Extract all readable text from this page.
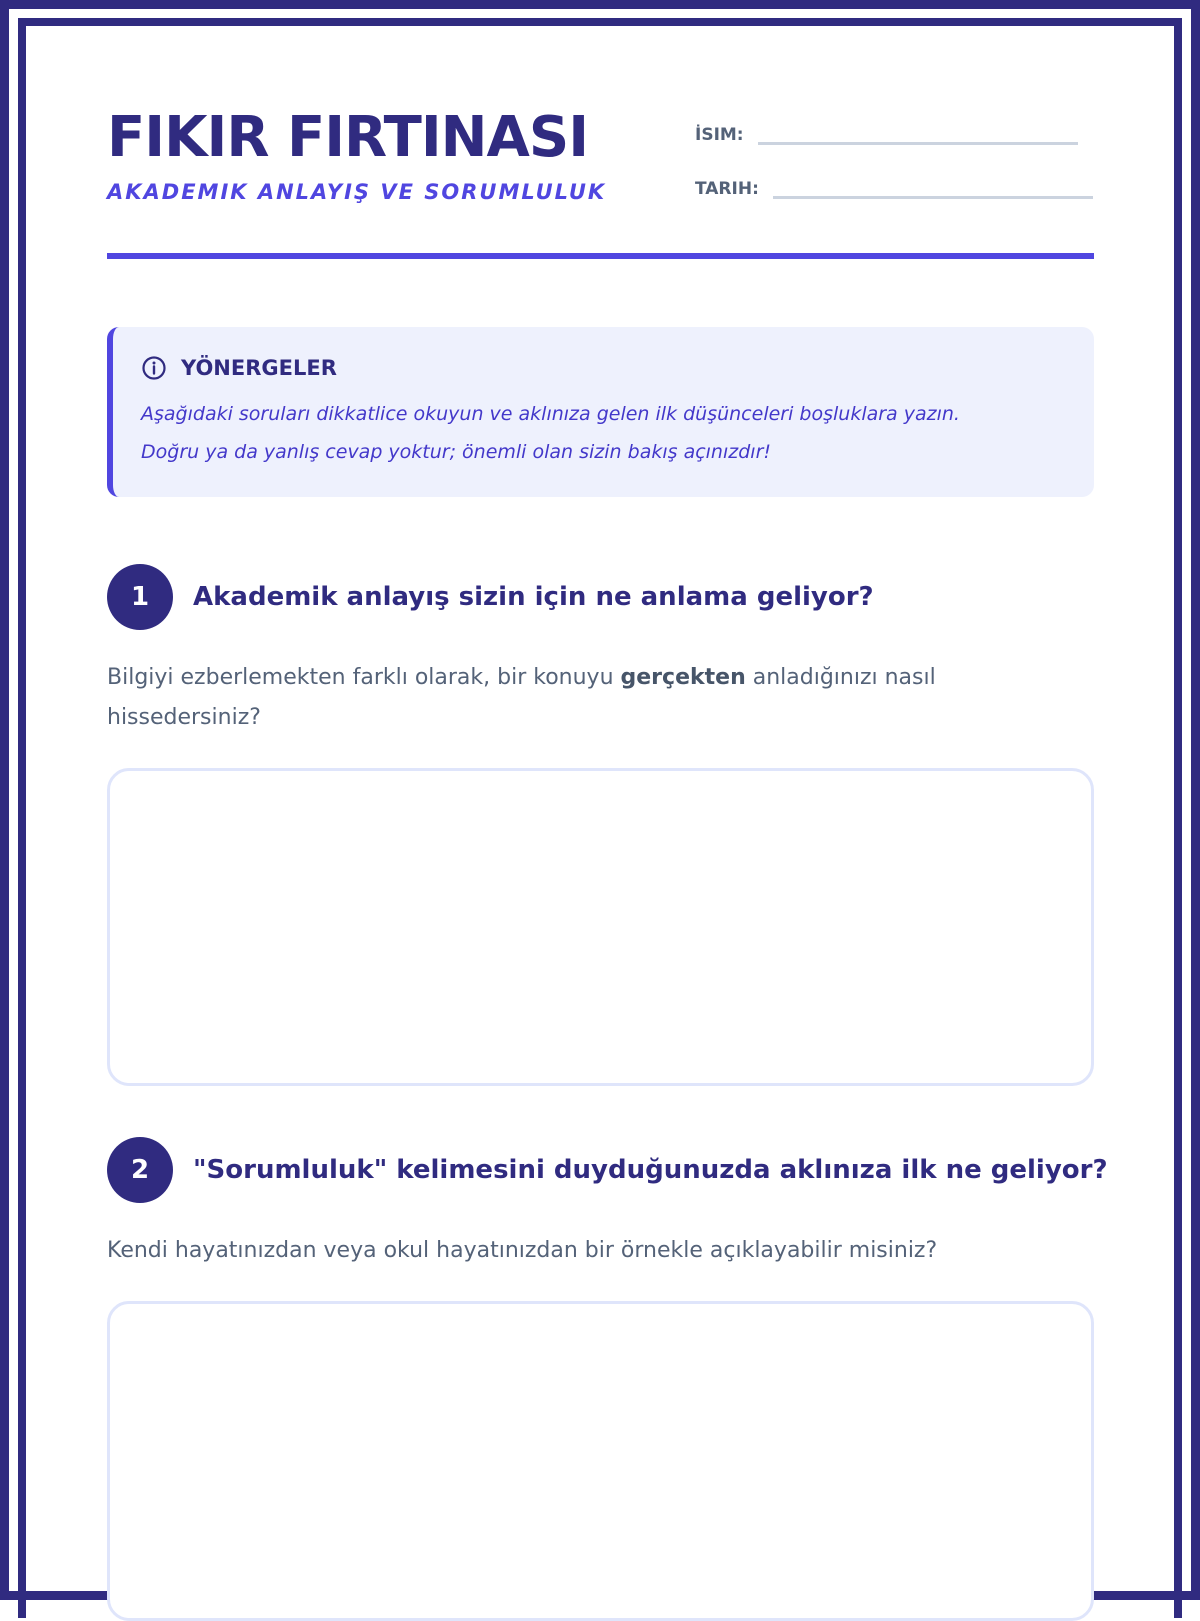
FIKIR FIRTINASI
AKADEMIK ANLAYIŞ VE SORUMLULUK
İSIM:
TARIH:
YÖNERGELER
Aşağıdaki soruları dikkatlice okuyun ve aklınıza gelen ilk düşünceleri boşluklara yazın.
Doğru ya da yanlış cevap yoktur; önemli olan sizin bakış açınızdır!
1	Akademik anlayış sizin için ne anlama geliyor?
Bilgiyi ezberlemekten farklı olarak, bir konuyu gerçekten anladığınızı nasıl hissedersiniz?
2	"Sorumluluk" kelimesini duyduğunuzda aklınıza ilk ne geliyor?
Kendi hayatınızdan veya okul hayatınızdan bir örnekle açıklayabilir misiniz?
